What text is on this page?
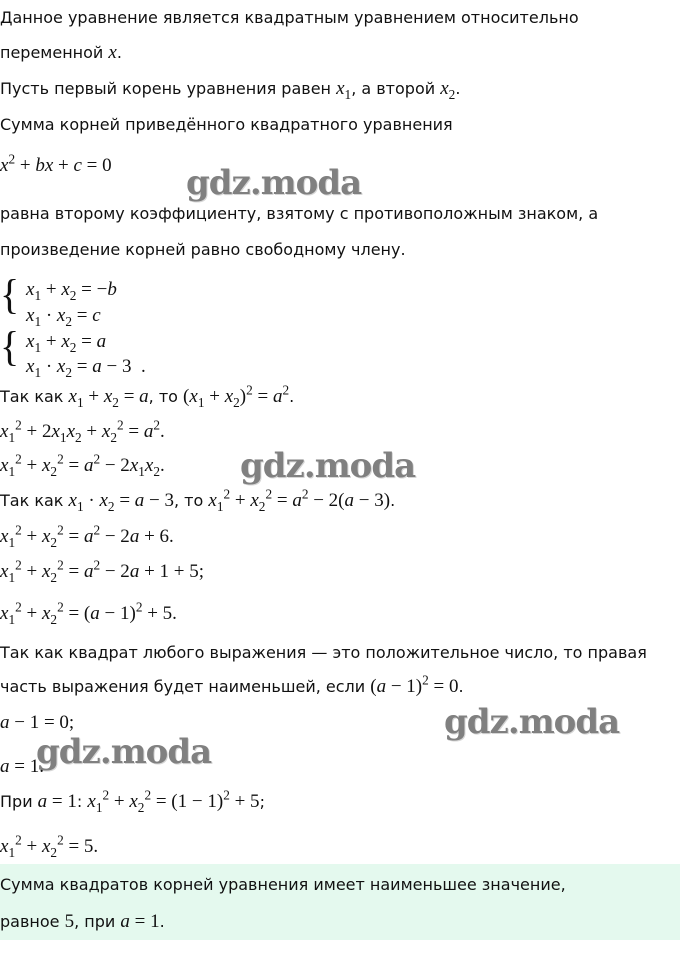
gdz.moda
gdz.moda
gdz.moda
gdz.moda
Данное уравнение является квадратным уравнением относительно
переменной x.
Пусть первый корень уравнения равен $x_1$, а второй $x_2$.
Сумма корней приведённого квадратного уравнения
$x^2$ + bx + c = 0
равна второму коэффициенту, взятому с противоположным знаком, а
произведение корней равно свободному члену.
{
{
$x_1 + x_2 = -b$
$x_1 \cdot x_2 = c$
$x_1 + x_2 = a$
$x_1 \cdot x_2 = a - 3$  .
Так как $x_1 + x_2 = a$, то $(x_1 + x_2)^2 = a^2$.
$x_1^2 + 2x_1x_2 + x_2^2 = a^2$.
$x_1^2 + x_2^2 = a^2 - 2x_1x_2$.
Так как $x_1 \cdot x_2 = a - 3$, то $x_1^2 + x_2^2 = a^2 - 2(a - 3)$.
$x_1^2 + x_2^2 = a^2 - 2a + 6$.
$x_1^2 + x_2^2 = a^2 - 2a + 1 + 5$;
$x_1^2 + x_2^2 = (a - 1)^2 + 5$.
Так как квадрат любого выражения — это положительное число, то правая
часть выражения будет наименьшей, если $(a - 1)^2 = 0$.
a − 1 = 0;
a = 1.
При a = 1: $x_1^2 + x_2^2 = (1 - 1)^2 + 5$;
$x_1^2 + x_2^2 = 5$.
Сумма квадратов корней уравнения имеет наименьшее значение,
равное 5, при a = 1.
